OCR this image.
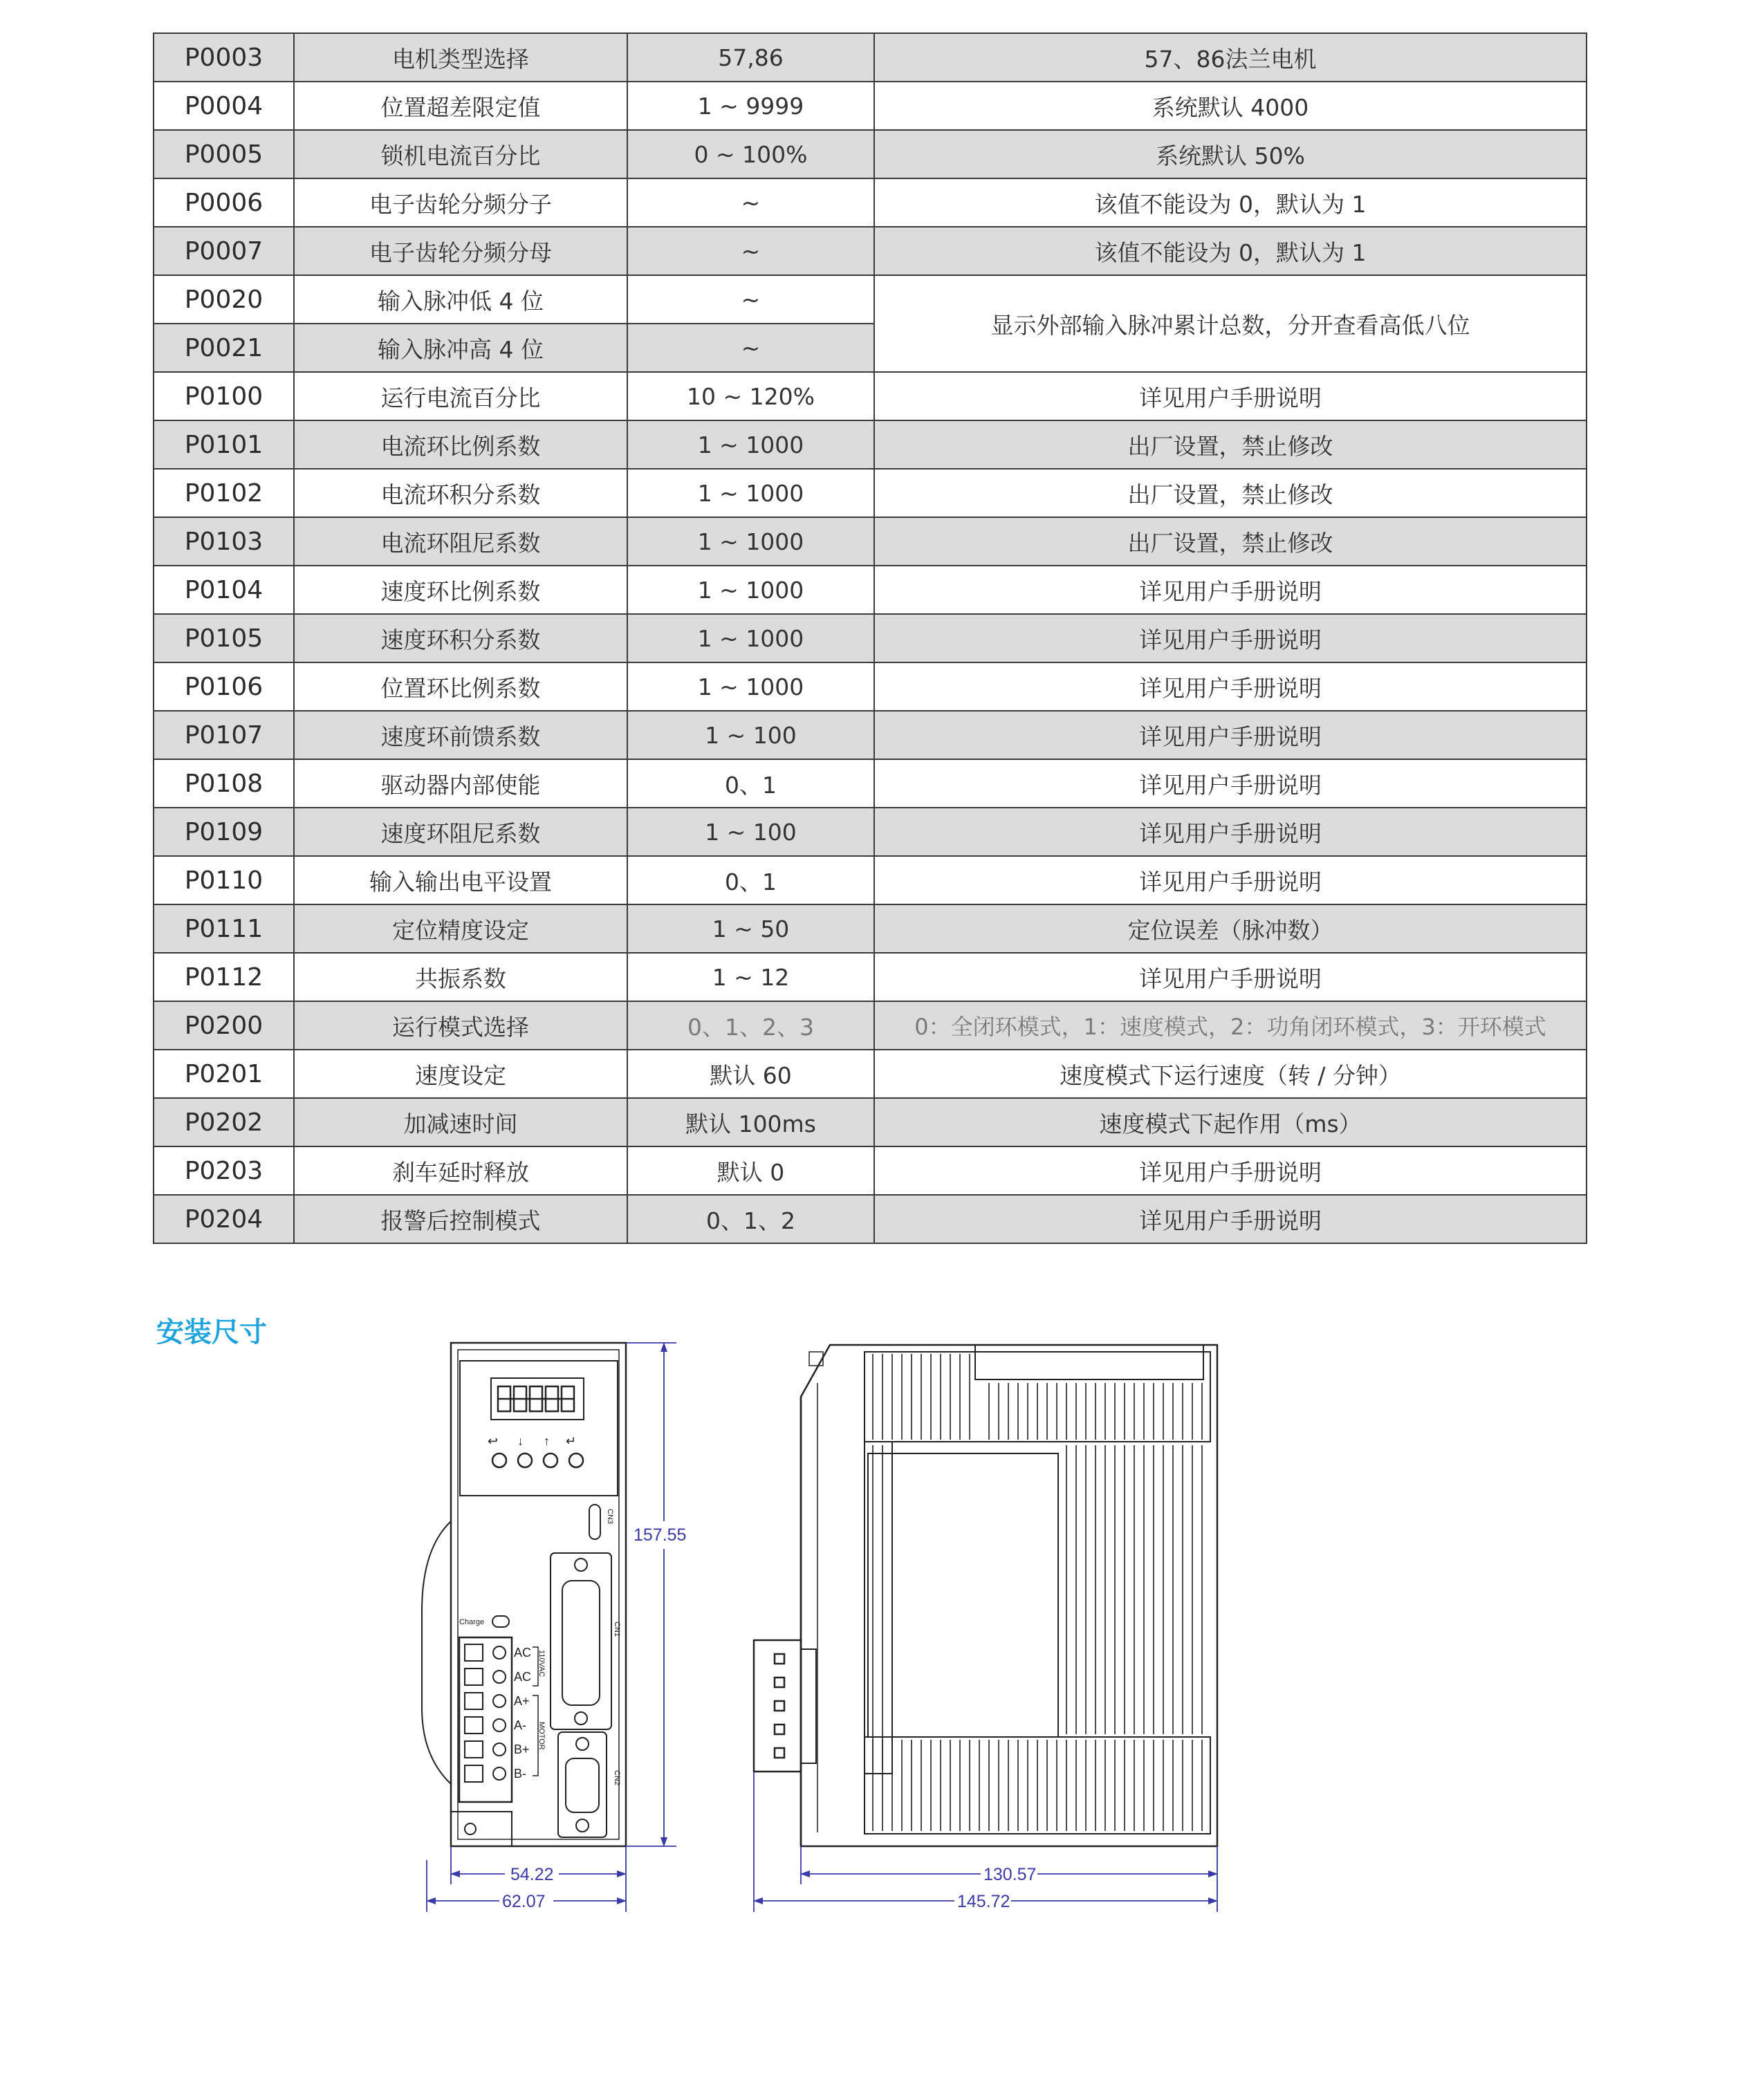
P0003	电机类型选择	57,86	57、86法兰电机
P0004	位置超差限定值	1 ~ 9999	系统默认 4000
P0005	锁机电流百分比	0 ~ 100%	系统默认 50%
P0006	电子齿轮分频分子	~	该值不能设为 0，默认为 1
P0007	电子齿轮分频分母	~	该值不能设为 0，默认为 1
P0020	输入脉冲低 4 位	~	显示外部输入脉冲累计总数，分开查看高低八位
P0021	输入脉冲高 4 位	~	
P0100	运行电流百分比	10 ~ 120%	详见用户手册说明
P0101	电流环比例系数	1 ~ 1000	出厂设置，禁止修改
P0102	电流环积分系数	1 ~ 1000	出厂设置，禁止修改
P0103	电流环阻尼系数	1 ~ 1000	出厂设置，禁止修改
P0104	速度环比例系数	1 ~ 1000	详见用户手册说明
P0105	速度环积分系数	1 ~ 1000	详见用户手册说明
P0106	位置环比例系数	1 ~ 1000	详见用户手册说明
P0107	速度环前馈系数	1 ~ 100	详见用户手册说明
P0108	驱动器内部使能	0、1	详见用户手册说明
P0109	速度环阻尼系数	1 ~ 100	详见用户手册说明
P0110	输入输出电平设置	0、1	详见用户手册说明
P0111	定位精度设定	1 ~ 50	定位误差（脉冲数）
P0112	共振系数	1 ~ 12	详见用户手册说明
P0200	运行模式选择	0、1、2、3	0：全闭环模式，1：速度模式，2：功角闭环模式，3：开环模式
P0201	速度设定	默认 60	速度模式下运行速度（转 / 分钟）
P0202	加减速时间	默认 100ms	速度模式下起作用（ms）
P0203	刹车延时释放	默认 0	详见用户手册说明
P0204	报警后控制模式	0、1、2	详见用户手册说明
安装尺寸
↩ ↓ ↑ ↵
Charge
AC
AC
A+
A-
B+
B-
110VAC
MOTOR
CN3
CN1
CN2
157.55
54.22
62.07
130.57
145.72
